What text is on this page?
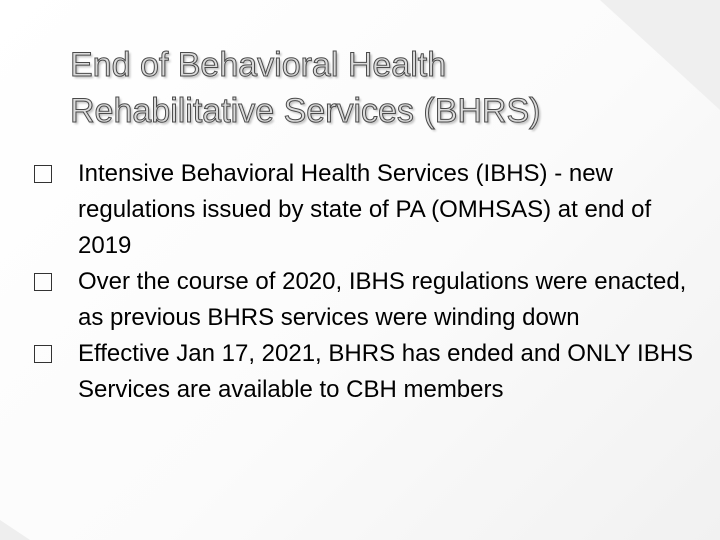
End of Behavioral Health
Rehabilitative Services (BHRS)
Intensive Behavioral Health Services (IBHS) - new regulations issued by state of PA (OMHSAS) at end of 2019
Over the course of 2020, IBHS regulations were enacted, as previous BHRS services were winding down
Effective Jan 17, 2021, BHRS has ended and ONLY IBHS Services are available to CBH members
